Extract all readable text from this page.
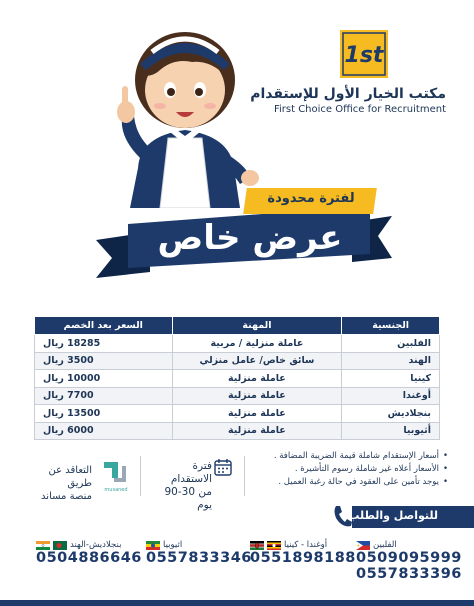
1st
مكتب الخيار الأول للإستقدام
First Choice Office for Recruitment
لفترة محدودة
عرض خاص
الجنسية	المهنة	السعر بعد الخصم
الفلبين	عاملة منزلية / مربية	18285 ريال
الهند	سائق خاص/ عامل منزلي	3500 ريال
كينيا	عاملة منزلية	10000 ريال
أوغندا	عاملة منزلية	7700 ريال
بنجلاديش	عاملة منزلية	13500 ريال
أثيوبيا	عاملة منزلية	6000 ريال
• أسعار الإستقدام شاملة قيمة الضريبة المضافة .
• الأسعار أعلاه غير شاملة رسوم التأشيرة .
• يوجد تأمين على العقود في حالة رغبة العميل .
فترة الاستقدام
من 30-90 يوم
musaned
التعاقد عن طريق
منصة مساند
للتواصل والطلب
الفلبين
0509095999
0557833396
أوغندا - كينيا
0551898188
اثيوبيا
0557833346
بنجلاديش-الهند
0504886646
